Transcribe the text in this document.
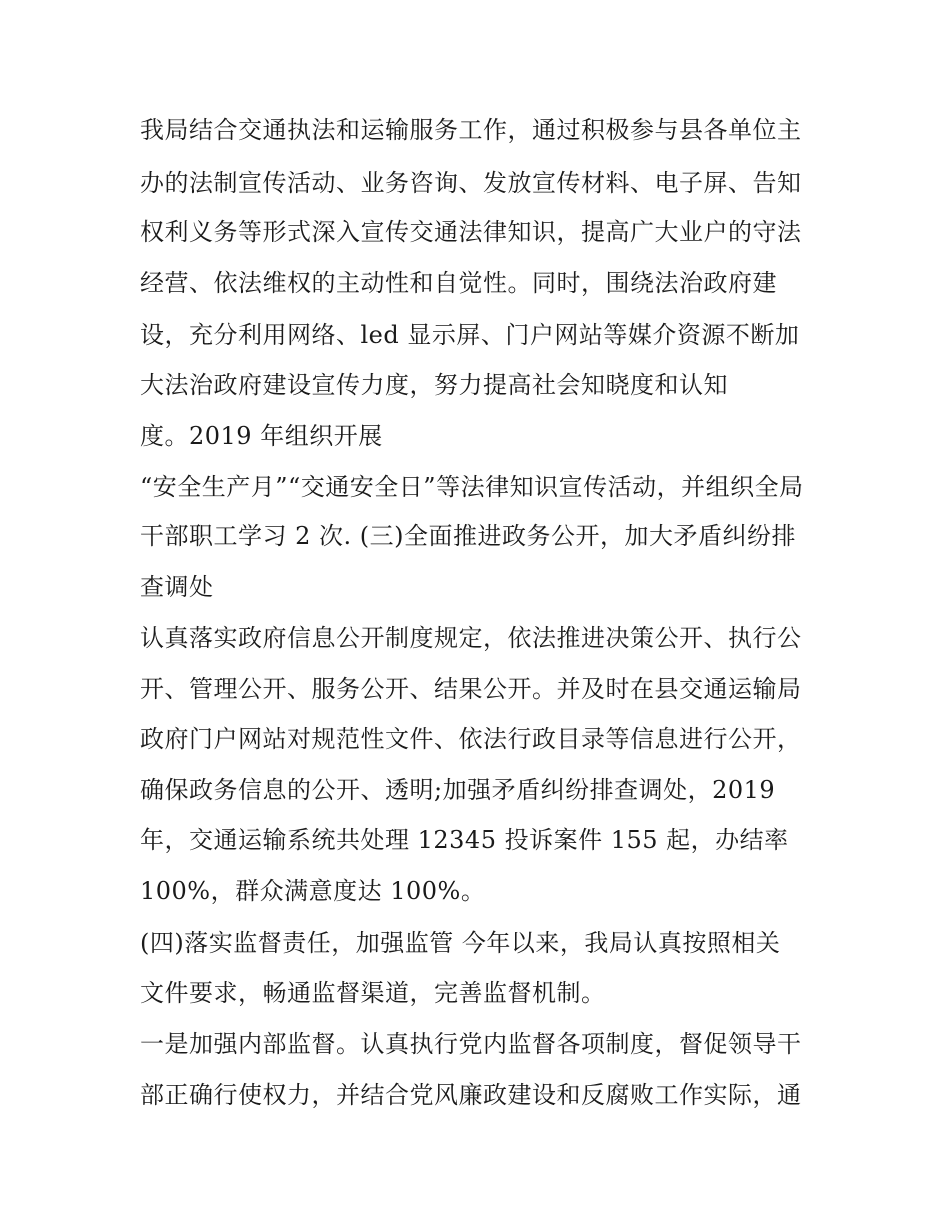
我局结合交通执法和运输服务工作，通过积极参与县各单位主
办的法制宣传活动、业务咨询、发放宣传材料、电子屏、告知
权利义务等形式深入宣传交通法律知识，提高广大业户的守法
经营、依法维权的主动性和自觉性。同时，围绕法治政府建
设，充分利用网络、led 显示屏、门户网站等媒介资源不断加
大法治政府建设宣传力度，努力提高社会知晓度和认知
度。2019 年组织开展
“安全生产月”“交通安全日”等法律知识宣传活动，并组织全局
干部职工学习 2 次. (三)全面推进政务公开，加大矛盾纠纷排
查调处
认真落实政府信息公开制度规定，依法推进决策公开、执行公
开、管理公开、服务公开、结果公开。并及时在县交通运输局
政府门户网站对规范性文件、依法行政目录等信息进行公开，
确保政务信息的公开、透明;加强矛盾纠纷排查调处，2019
年，交通运输系统共处理 12345 投诉案件 155 起，办结率
100%，群众满意度达 100%。
(四)落实监督责任，加强监管 今年以来，我局认真按照相关
文件要求，畅通监督渠道，完善监督机制。
一是加强内部监督。认真执行党内监督各项制度，督促领导干
部正确行使权力，并结合党风廉政建设和反腐败工作实际，通
